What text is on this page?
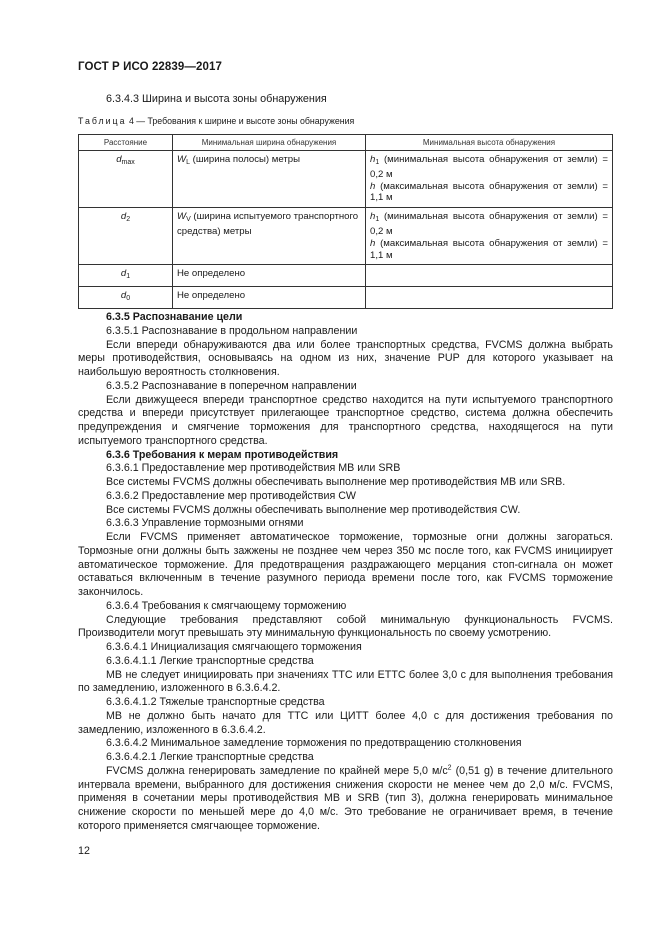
ГОСТ Р ИСО 22839—2017
6.3.4.3 Ширина и высота зоны обнаружения
Таблица 4 — Требования к ширине и высоте зоны обнаружения
Расстояние	Минимальная ширина обнаружения	Минимальная высота обнаружения
$d_{max}$	$W_L$ (ширина полосы) метры	$h_1$ (минимальная высота обнаружения от земли) = 0,2 м
h (максимальная высота обнаружения от земли) = 1,1 м

$d_2$	$W_V$ (ширина испытуемого транспортного средства) метры	$h_1$ (минимальная высота обнаружения от земли) = 0,2 м
h (максимальная высота обнаружения от земли) = 1,1 м

$d_1$	Не определено	
$d_0$	Не определено	

6.3.5 Распознавание цели

6.3.5.1 Распознавание в продольном направлении

Если впереди обнаруживаются два или более транспортных средства, FVCMS должна выбрать меры противодействия, основываясь на одном из них, значение PUP для которого указывает на наибольшую вероятность столкновения.

6.3.5.2 Распознавание в поперечном направлении

Если движущееся впереди транспортное средство находится на пути испытуемого транспортного средства и впереди присутствует прилегающее транспортное средство, система должна обеспечить предупреждения и смягчение торможения для транспортного средства, находящегося на пути испытуемого транспортного средства.

6.3.6 Требования к мерам противодействия

6.3.6.1 Предоставление мер противодействия MB или SRB

Все системы FVCMS должны обеспечивать выполнение мер противодействия MB или SRB.

6.3.6.2 Предоставление мер противодействия CW

Все системы FVCMS должны обеспечивать выполнение мер противодействия CW.

6.3.6.3 Управление тормозными огнями

Если FVCMS применяет автоматическое торможение, тормозные огни должны загораться. Тормозные огни должны быть зажжены не позднее чем через 350 мс после того, как FVCMS инициирует автоматическое торможение. Для предотвращения раздражающего мерцания стоп-сигнала он может оставаться включенным в течение разумного периода времени после того, как FVCMS торможение закончилось.

6.3.6.4 Требования к смягчающему торможению

Следующие требования представляют собой минимальную функциональность FVCMS. Производители могут превышать эту минимальную функциональность по своему усмотрению.

6.3.6.4.1 Инициализация смягчающего торможения

6.3.6.4.1.1 Легкие транспортные средства

МВ не следует инициировать при значениях ТТС или ЕТТС более 3,0 с для выполнения требования по замедлению, изложенного в 6.3.6.4.2.

6.3.6.4.1.2 Тяжелые транспортные средства

МВ не должно быть начато для ТТС или ЦИТТ более 4,0 с для достижения требования по замедлению, изложенного в 6.3.6.4.2.

6.3.6.4.2 Минимальное замедление торможения по предотвращению столкновения

6.3.6.4.2.1 Легкие транспортные средства

FVCMS должна генерировать замедление по крайней мере 5,0 $м/с^2$ (0,51 g) в течение длительного интервала времени, выбранного для достижения снижения скорости не менее чем до 2,0 м/с. FVCMS, применяя в сочетании меры противодействия MB и SRB (тип 3), должна генерировать минимальное снижение скорости по меньшей мере до 4,0 м/с. Это требование не ограничивает время, в течение которого применяется смягчающее торможение.

12
